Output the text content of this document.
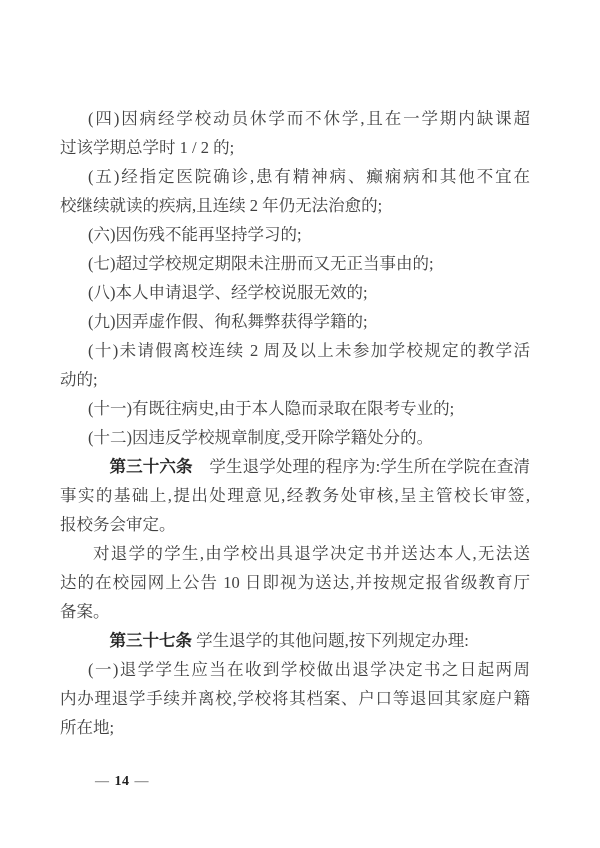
(四)因病经学校动员休学而不休学,且在一学期内缺课超
过该学期总学时 1 / 2 的;
(五)经指定医院确诊,患有精神病、癫痫病和其他不宜在
校继续就读的疾病,且连续 2 年仍无法治愈的;
(六)因伤残不能再坚持学习的;
(七)超过学校规定期限未注册而又无正当事由的;
(八)本人申请退学、经学校说服无效的;
(九)因弄虚作假、徇私舞弊获得学籍的;
(十)未请假离校连续 2 周及以上未参加学校规定的教学活
动的;
(十一)有既往病史,由于本人隐而录取在限考专业的;
(十二)因违反学校规章制度,受开除学籍处分的。
第三十六条　学生退学处理的程序为:学生所在学院在查清
事实的基础上,提出处理意见,经教务处审核,呈主管校长审签,
报校务会审定。
对退学的学生,由学校出具退学决定书并送达本人,无法送
达的在校园网上公告 10 日即视为送达,并按规定报省级教育厅
备案。
第三十七条 学生退学的其他问题,按下列规定办理:
(一)退学学生应当在收到学校做出退学决定书之日起两周
内办理退学手续并离校,学校将其档案、户口等退回其家庭户籍
所在地;
— 14 —
